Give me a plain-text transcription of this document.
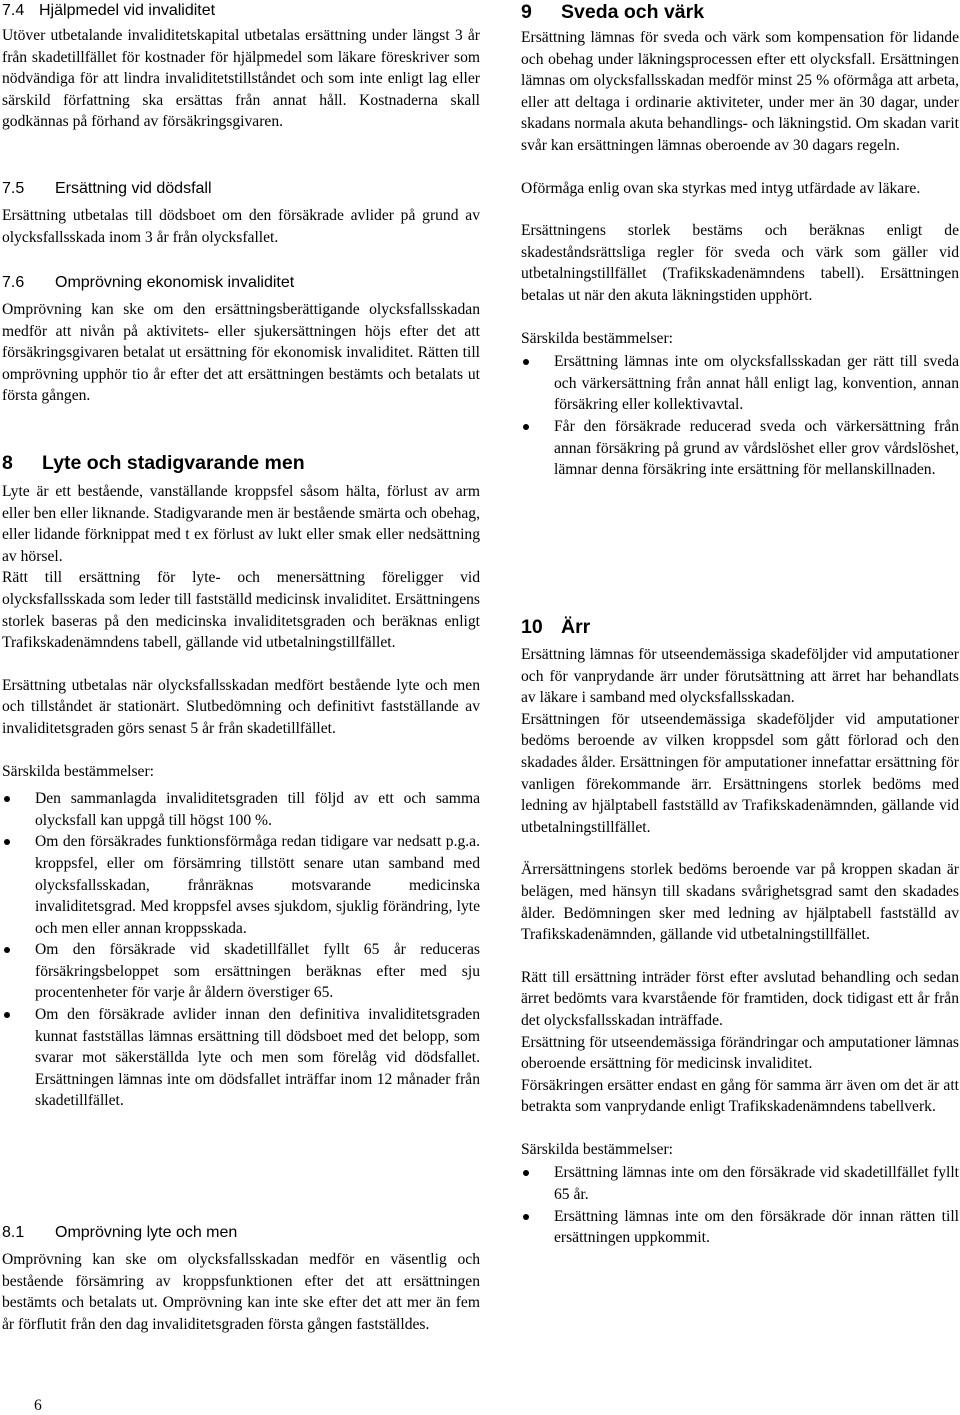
7.4 Hjälpmedel vid invaliditet

Utöver utbetalande invaliditetskapital utbetalas ersättning under längst 3 år från skadetillfället för kostnader för hjälpmedel som läkare föreskriver som nödvändiga för att lindra invaliditetstillståndet och som inte enligt lag eller särskild författning ska ersättas från annat håll. Kostnaderna skall godkännas på förhand av försäkringsgivaren.

7.5 Ersättning vid dödsfall

Ersättning utbetalas till dödsboet om den försäkrade avlider på grund av olycksfallsskada inom 3 år från olycksfallet.

7.6 Omprövning ekonomisk invaliditet

Omprövning kan ske om den ersättningsberättigande olycksfallsskadan medför att nivån på aktivitets- eller sjukersättningen höjs efter det att försäkringsgivaren betalat ut ersättning för ekonomisk invaliditet. Rätten till omprövning upphör tio år efter det att ersättningen bestämts och betalats ut första gången.

8 Lyte och stadigvarande men

Lyte är ett bestående, vanställande kroppsfel såsom hälta, förlust av arm eller ben eller liknande. Stadigvarande men är bestående smärta och obehag, eller lidande förknippat med t ex förlust av lukt eller smak eller nedsättning av hörsel.

Rätt till ersättning för lyte- och menersättning föreligger vid olycksfallsskada som leder till fastställd medicinsk invaliditet. Ersättningens storlek baseras på den medicinska invaliditetsgraden och beräknas enligt Trafikskadenämndens tabell, gällande vid utbetalningstillfället.

Ersättning utbetalas när olycksfallsskadan medfört bestående lyte och men och tillståndet är stationärt. Slutbedömning och definitivt fastställande av invaliditetsgraden görs senast 5 år från skadetillfället.

Särskilda bestämmelser:

Den sammanlagda invaliditetsgraden till följd av ett och samma olycksfall kan uppgå till högst 100 %.
Om den försäkrades funktionsförmåga redan tidigare var nedsatt p.g.a. kroppsfel, eller om försämring tillstött senare utan samband med olycksfallsskadan, frånräknas motsvarande medicinska invaliditetsgrad. Med kroppsfel avses sjukdom, sjuklig förändring, lyte och men eller annan kroppsskada.
Om den försäkrade vid skadetillfället fyllt 65 år reduceras försäkringsbeloppet som ersättningen beräknas efter med sju procentenheter för varje år åldern överstiger 65.
Om den försäkrade avlider innan den definitiva invaliditetsgraden kunnat fastställas lämnas ersättning till dödsboet med det belopp, som svarar mot säkerställda lyte och men som förelåg vid dödsfallet. Ersättningen lämnas inte om dödsfallet inträffar inom 12 månader från skadetillfället.
8.1 Omprövning lyte och men

Omprövning kan ske om olycksfallsskadan medför en väsentlig och bestående försämring av kroppsfunktionen efter det att ersättningen bestämts och betalats ut. Omprövning kan inte ske efter det att mer än fem år förflutit från den dag invaliditetsgraden första gången fastställdes.

9 Sveda och värk

Ersättning lämnas för sveda och värk som kompensation för lidande och obehag under läkningsprocessen efter ett olycksfall. Ersättningen lämnas om olycksfallsskadan medför minst 25 % oförmåga att arbeta, eller att deltaga i ordinarie aktiviteter, under mer än 30 dagar, under skadans normala akuta behandlings- och läkningstid. Om skadan varit svår kan ersättningen lämnas oberoende av 30 dagars regeln.

Oförmåga enlig ovan ska styrkas med intyg utfärdade av läkare.

Ersättningens storlek bestäms och beräknas enligt de skadeståndsrättsliga regler för sveda och värk som gäller vid utbetalningstillfället (Trafikskadenämndens tabell). Ersättningen betalas ut när den akuta läkningstiden upphört.

Särskilda bestämmelser:

Ersättning lämnas inte om olycksfallsskadan ger rätt till sveda och värkersättning från annat håll enligt lag, konvention, annan försäkring eller kollektivavtal.
Får den försäkrade reducerad sveda och värkersättning från annan försäkring på grund av vårdslöshet eller grov vårdslöshet, lämnar denna försäkring inte ersättning för mellanskillnaden.
10 Ärr

Ersättning lämnas för utseendemässiga skadeföljder vid amputationer och för vanprydande ärr under förutsättning att ärret har behandlats av läkare i samband med olycksfallsskadan.

Ersättningen för utseendemässiga skadeföljder vid amputationer bedöms beroende av vilken kroppsdel som gått förlorad och den skadades ålder. Ersättningen för amputationer innefattar ersättning för vanligen förekommande ärr. Ersättningens storlek bedöms med ledning av hjälptabell fastställd av Trafikskadenämnden, gällande vid utbetalningstillfället.

Ärrersättningens storlek bedöms beroende var på kroppen skadan är belägen, med hänsyn till skadans svårighetsgrad samt den skadades ålder. Bedömningen sker med ledning av hjälptabell fastställd av Trafikskadenämnden, gällande vid utbetalningstillfället.

Rätt till ersättning inträder först efter avslutad behandling och sedan ärret bedömts vara kvarstående för framtiden, dock tidigast ett år från det olycksfallsskadan inträffade.

Ersättning för utseendemässiga förändringar och amputationer lämnas oberoende ersättning för medicinsk invaliditet.

Försäkringen ersätter endast en gång för samma ärr även om det är att betrakta som vanprydande enligt Trafikskadenämndens tabellverk.

Särskilda bestämmelser:

Ersättning lämnas inte om den försäkrade vid skadetillfället fyllt 65 år.
Ersättning lämnas inte om den försäkrade dör innan rätten till ersättningen uppkommit.
6
